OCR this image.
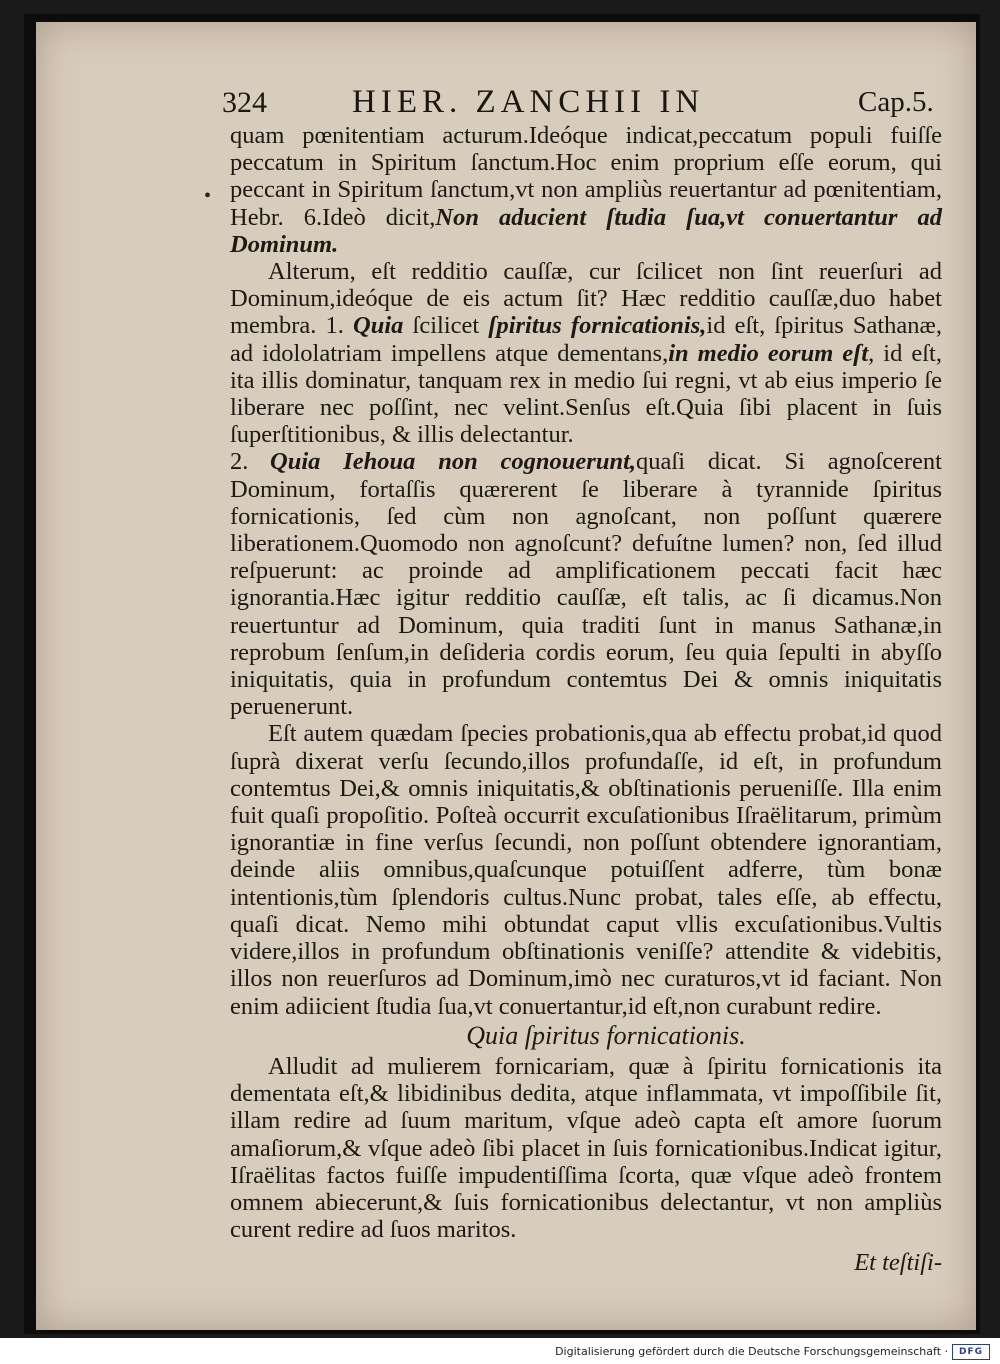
324	HIER. ZANCHII IN	Cap.5.
•

quam pœnitentiam acturum.Ideóque indicat,peccatum populi fuiſſe peccatum in Spiritum ſanctum.Hoc enim proprium eſſe eorum, qui peccant in Spiritum ſanctum,vt non ampliùs reuertantur ad pœnitentiam, Hebr. 6.Ideò dicit,Non aducient ſtudia ſua,vt conuertantur ad Dominum.

Alterum, eſt redditio cauſſæ, cur ſcilicet non ſint reuerſuri ad Dominum,ideóque de eis actum ſit? Hæc redditio cauſſæ,duo habet membra. 1. Quia ſcilicet ſpiritus fornicationis,id eſt, ſpiritus Sathanæ, ad idololatriam impellens atque dementans,in medio eorum eſt, id eſt, ita illis dominatur, tanquam rex in medio ſui regni, vt ab eius imperio ſe liberare nec poſſint, nec velint.Senſus eſt.Quia ſibi placent in ſuis ſuperſtitionibus, & illis delectantur.

2. Quia Iehoua non cognouerunt,quaſi dicat. Si agnoſcerent Dominum, fortaſſis quærerent ſe liberare à tyrannide ſpiritus fornicationis, ſed cùm non agnoſcant, non poſſunt quærere liberationem.Quomodo non agnoſcunt? defuítne lumen? non, ſed illud reſpuerunt: ac proinde ad amplificationem peccati facit hæc ignorantia.Hæc igitur redditio cauſſæ, eſt talis, ac ſi dicamus.Non reuertuntur ad Dominum, quia traditi ſunt in manus Sathanæ,in reprobum ſenſum,in deſideria cordis eorum, ſeu quia ſepulti in abyſſo iniquitatis, quia in profundum contemtus Dei & omnis iniquitatis peruenerunt.

Eſt autem quædam ſpecies probationis,qua ab effectu probat,id quod ſuprà dixerat verſu ſecundo,illos profundaſſe, id eſt, in profundum contemtus Dei,& omnis iniquitatis,& obſtinationis perueniſſe. Illa enim fuit quaſi propoſitio. Poſteà occurrit excuſationibus Iſraëlitarum, primùm ignorantiæ in fine verſus ſecundi, non poſſunt obtendere ignorantiam, deinde aliis omnibus,quaſcunque potuiſſent adferre, tùm bonæ intentionis,tùm ſplendoris cultus.Nunc probat, tales eſſe, ab effectu, quaſi dicat. Nemo mihi obtundat caput vllis excuſationibus.Vultis videre,illos in profundum obſtinationis veniſſe? attendite & videbitis, illos non reuerſuros ad Dominum,imò nec curaturos,vt id faciant. Non enim adiicient ſtudia ſua,vt conuertantur,id eſt,non curabunt redire.

Quia ſpiritus fornicationis.

Alludit ad mulierem fornicariam, quæ à ſpiritu fornicationis ita dementata eſt,& libidinibus dedita, atque inflammata, vt impoſſibile ſit, illam redire ad ſuum maritum, vſque adeò capta eſt amore ſuorum amaſiorum,& vſque adeò ſibi placet in ſuis fornicationibus.Indicat igitur, Iſraëlitas factos fuiſſe impudentiſſima ſcorta, quæ vſque adeò frontem omnem abiecerunt,& ſuis fornicationibus delectantur, vt non ampliùs curent redire ad ſuos maritos.

Et teſtiſi-

Digitalisierung gefördert durch die Deutsche Forschungsgemeinschaft ·	DFG
